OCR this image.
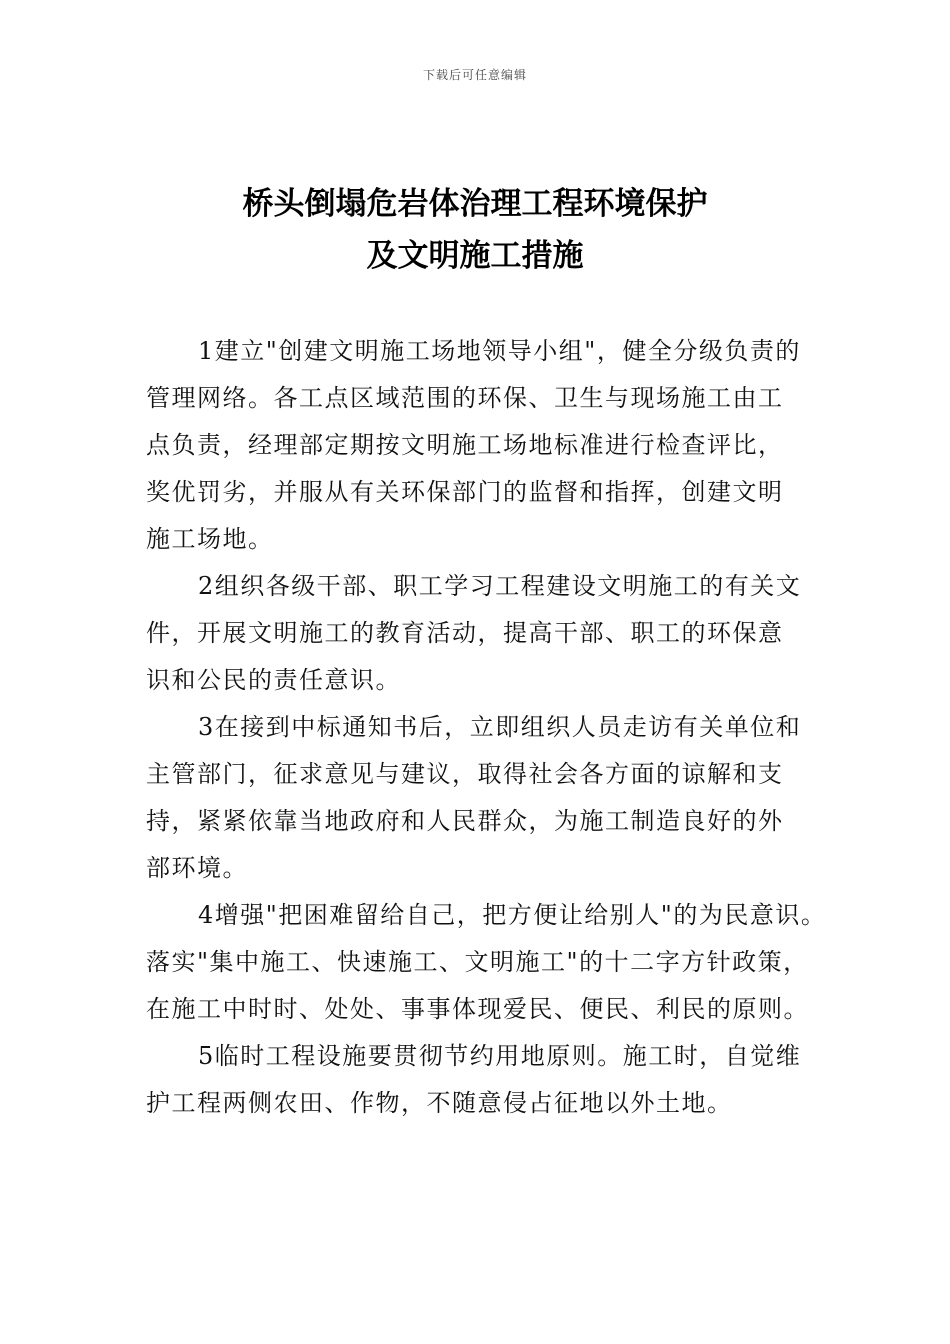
下载后可任意编辑
桥头倒塌危岩体治理工程环境保护
及文明施工措施
1建立"创建文明施工场地领导小组"，健全分级负责的
管理网络。各工点区域范围的环保、卫生与现场施工由工
点负责，经理部定期按文明施工场地标准进行检查评比，
奖优罚劣，并服从有关环保部门的监督和指挥，创建文明
施工场地。
2组织各级干部、职工学习工程建设文明施工的有关文
件，开展文明施工的教育活动，提高干部、职工的环保意
识和公民的责任意识。
3在接到中标通知书后，立即组织人员走访有关单位和
主管部门，征求意见与建议，取得社会各方面的谅解和支
持，紧紧依靠当地政府和人民群众，为施工制造良好的外
部环境。
4增强"把困难留给自己，把方便让给别人"的为民意识。
落实"集中施工、快速施工、文明施工"的十二字方针政策，
在施工中时时、处处、事事体现爱民、便民、利民的原则。
5临时工程设施要贯彻节约用地原则。施工时，自觉维
护工程两侧农田、作物，不随意侵占征地以外土地。
